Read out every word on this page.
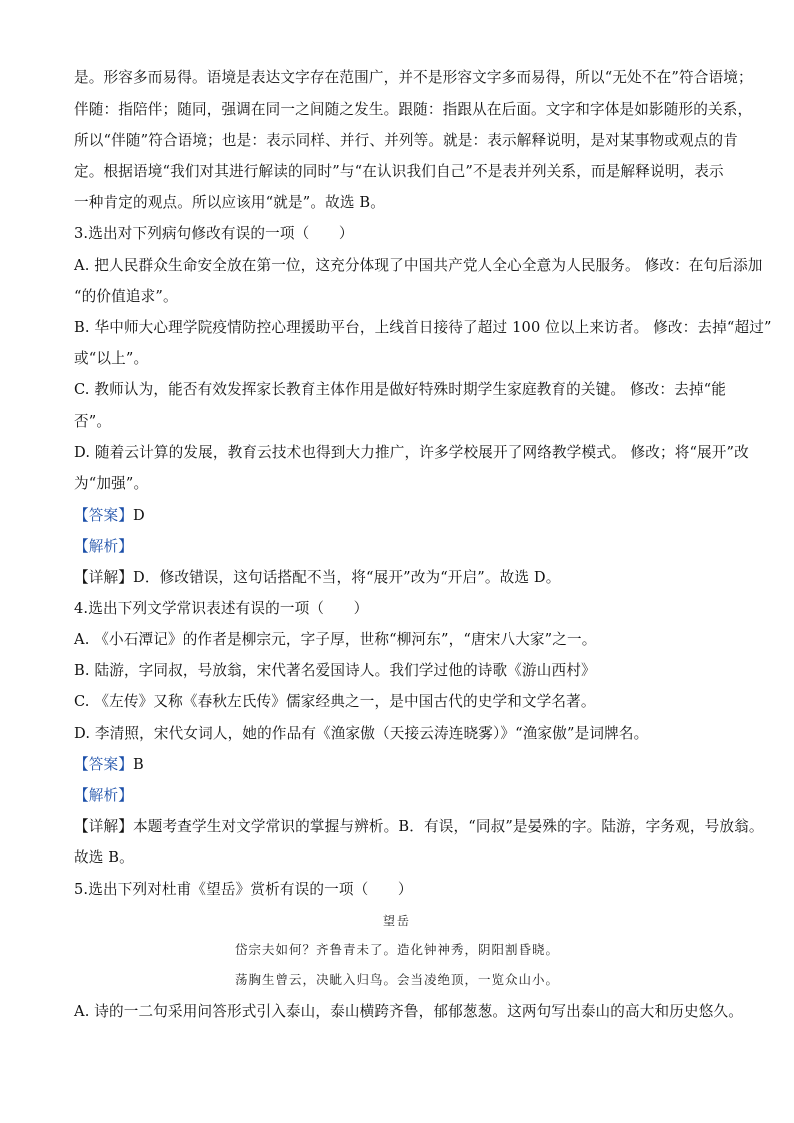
是。形容多而易得。语境是表达文字存在范围广，并不是形容文字多而易得，所以“无处不在”符合语境；
伴随：指陪伴；随同，强调在同一之间随之发生。跟随：指跟从在后面。文字和字体是如影随形的关系，
所以“伴随”符合语境；也是：表示同样、并行、并列等。就是：表示解释说明，是对某事物或观点的肯
定。根据语境“我们对其进行解读的同时”与“在认识我们自己”不是表并列关系，而是解释说明，表示
一种肯定的观点。所以应该用“就是”。故选 B。
3.选出对下列病句修改有误的一项（　　）
A. 把人民群众生命安全放在第一位，这充分体现了中国共产党人全心全意为人民服务。 修改：在句后添加
“的价值追求”。
B. 华中师大心理学院疫情防控心理援助平台，上线首日接待了超过 100 位以上来访者。 修改：去掉“超过”
或“以上”。
C. 教师认为，能否有效发挥家长教育主体作用是做好特殊时期学生家庭教育的关键。 修改：去掉“能
否”。
D. 随着云计算的发展，教育云技术也得到大力推广，许多学校展开了网络教学模式。 修改；将“展开”改
为“加强”。
【答案】D
【解析】
【详解】D．修改错误，这句话搭配不当，将“展开”改为“开启”。故选 D。
4.选出下列文学常识表述有误的一项（　　）
A. 《小石潭记》的作者是柳宗元，字子厚，世称“柳河东”，“唐宋八大家”之一。
B. 陆游，字同叔，号放翁，宋代著名爱国诗人。我们学过他的诗歌《游山西村》
C. 《左传》又称《春秋左氏传》儒家经典之一，是中国古代的史学和文学名著。
D. 李清照，宋代女词人，她的作品有《渔家傲（天接云涛连晓雾）》“渔家傲”是词牌名。
【答案】B
【解析】
【详解】本题考查学生对文学常识的掌握与辨析。B．有误，“同叔”是晏殊的字。陆游，字务观，号放翁。
故选 B。
5.选出下列对杜甫《望岳》赏析有误的一项（　　）
望岳
岱宗夫如何？齐鲁青未了。造化钟神秀，阴阳割昏晓。
荡胸生曾云，决眦入归鸟。会当凌绝顶，一览众山小。
A. 诗的一二句采用问答形式引入泰山，泰山横跨齐鲁，郁郁葱葱。这两句写出泰山的高大和历史悠久。
